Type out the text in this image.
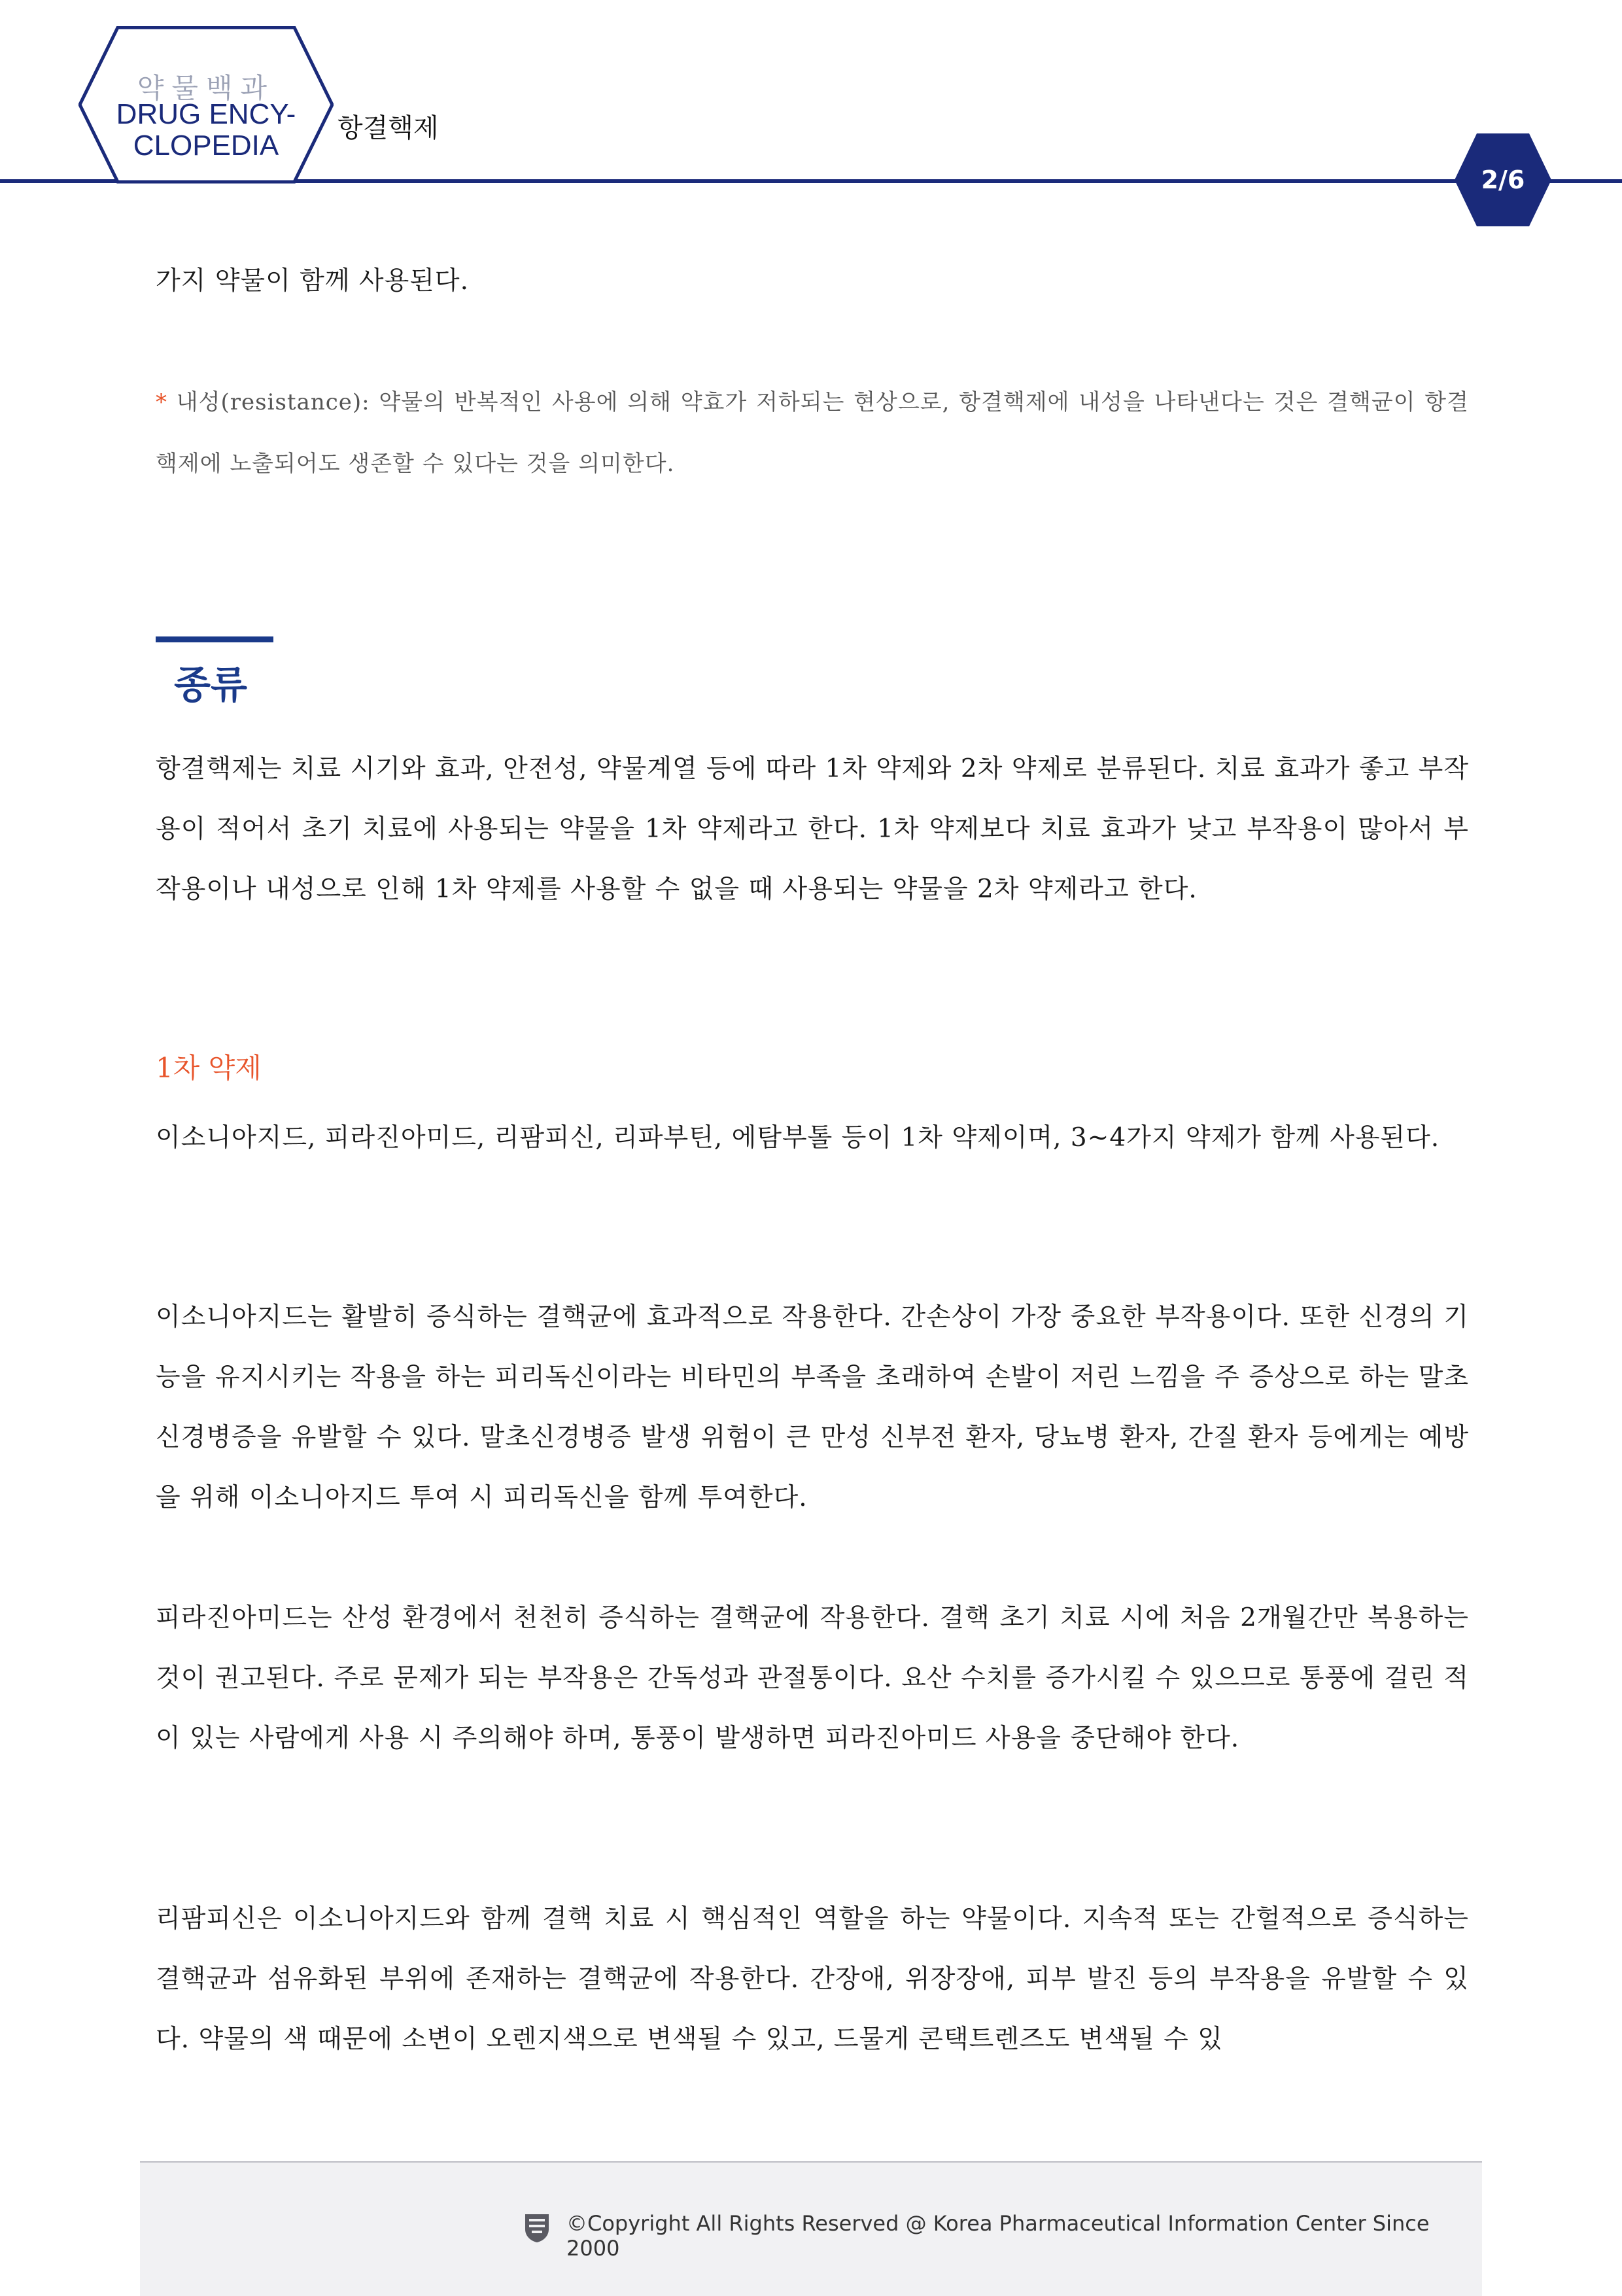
약물백과
DRUG ENCY-
CLOPEDIA
항결핵제
2/6

가지 약물이 함께 사용된다.

* 내성(resistance): 약물의 반복적인 사용에 의해 약효가 저하되는 현상으로, 항결핵제에 내성을 나타낸다는 것은 결핵균이 항결핵제에 노출되어도 생존할 수 있다는 것을 의미한다.

종류

항결핵제는 치료 시기와 효과, 안전성, 약물계열 등에 따라 1차 약제와 2차 약제로 분류된다. 치료 효과가 좋고 부작용이 적어서 초기 치료에 사용되는 약물을 1차 약제라고 한다. 1차 약제보다 치료 효과가 낮고 부작용이 많아서 부작용이나 내성으로 인해 1차 약제를 사용할 수 없을 때 사용되는 약물을 2차 약제라고 한다.

1차 약제

이소니아지드, 피라진아미드, 리팜피신, 리파부틴, 에탐부톨 등이 1차 약제이며, 3~4가지 약제가 함께 사용된다.

이소니아지드는 활발히 증식하는 결핵균에 효과적으로 작용한다. 간손상이 가장 중요한 부작용이다. 또한 신경의 기능을 유지시키는 작용을 하는 피리독신이라는 비타민의 부족을 초래하여 손발이 저린 느낌을 주 증상으로 하는 말초신경병증을 유발할 수 있다. 말초신경병증 발생 위험이 큰 만성 신부전 환자, 당뇨병 환자, 간질 환자 등에게는 예방을 위해 이소니아지드 투여 시 피리독신을 함께 투여한다.

피라진아미드는 산성 환경에서 천천히 증식하는 결핵균에 작용한다. 결핵 초기 치료 시에 처음 2개월간만 복용하는 것이 권고된다. 주로 문제가 되는 부작용은 간독성과 관절통이다. 요산 수치를 증가시킬 수 있으므로 통풍에 걸린 적이 있는 사람에게 사용 시 주의해야 하며, 통풍이 발생하면 피라진아미드 사용을 중단해야 한다.

리팜피신은 이소니아지드와 함께 결핵 치료 시 핵심적인 역할을 하는 약물이다. 지속적 또는 간헐적으로 증식하는 결핵균과 섬유화된 부위에 존재하는 결핵균에 작용한다. 간장애, 위장장애, 피부 발진 등의 부작용을 유발할 수 있다. 약물의 색 때문에 소변이 오렌지색으로 변색될 수 있고, 드물게 콘택트렌즈도 변색될 수 있

©Copyright All Rights Reserved @ Korea Pharmaceutical Information Center Since 2000
